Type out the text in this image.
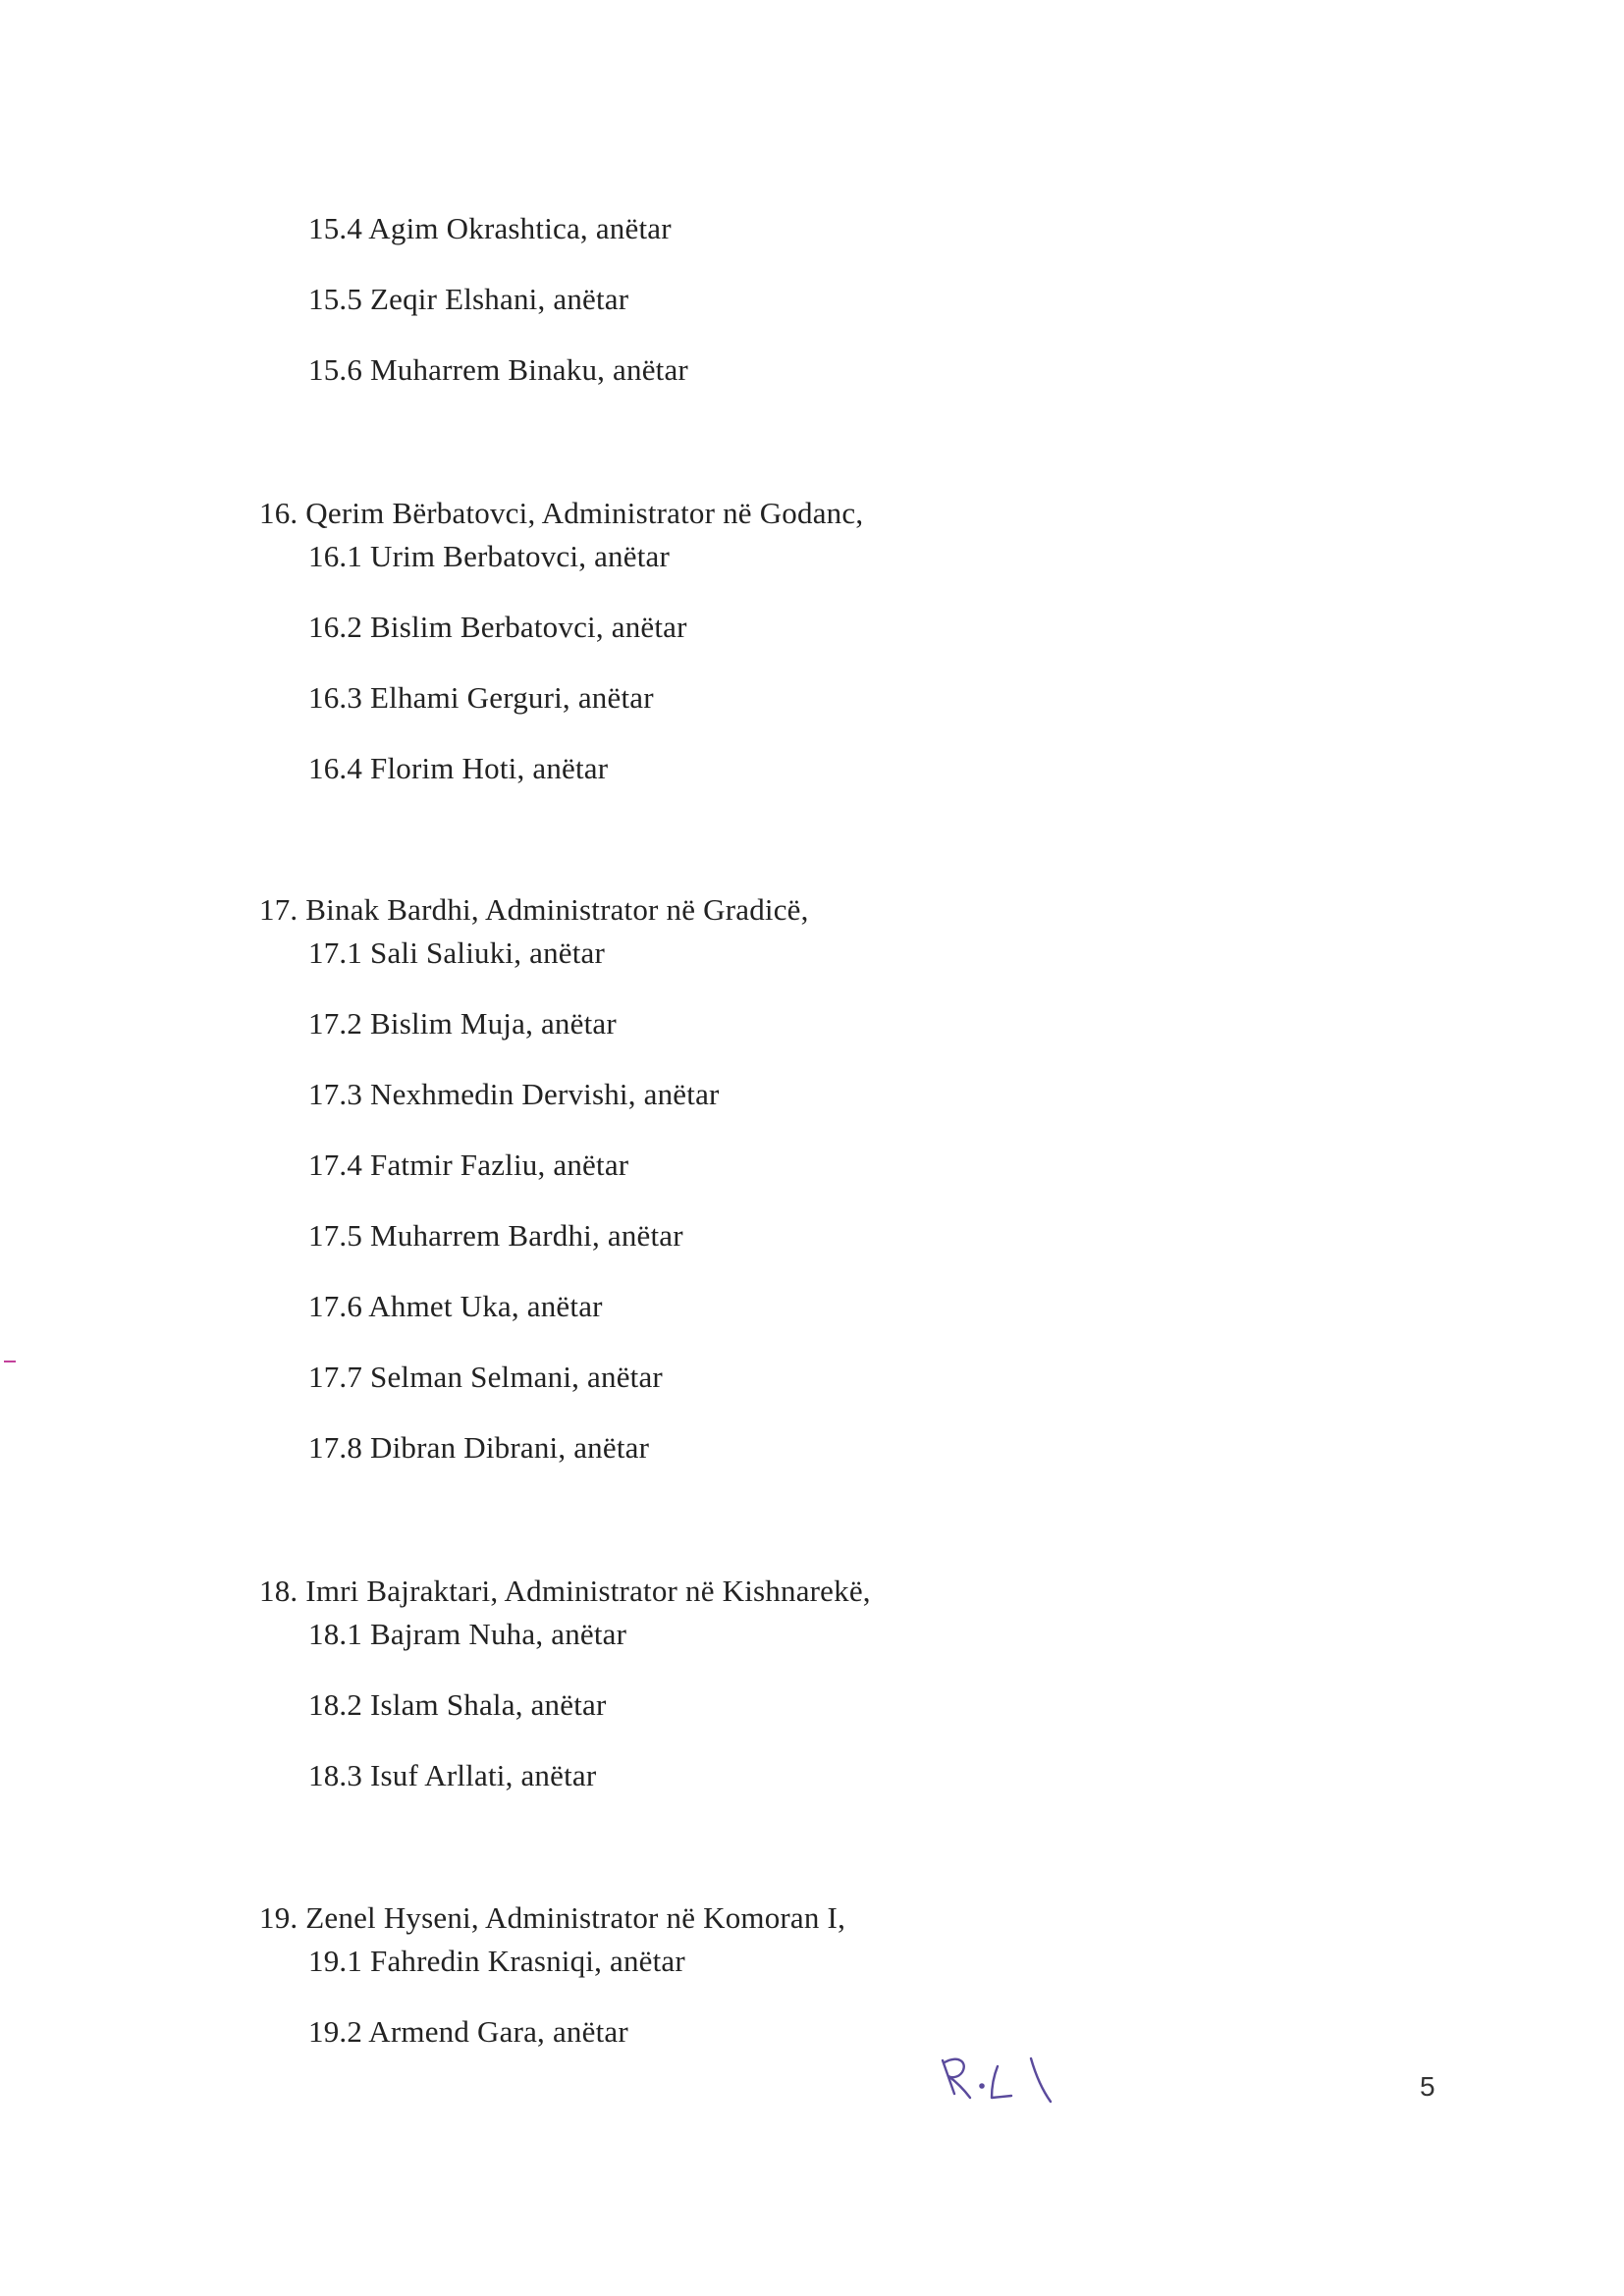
15.4 Agim Okrashtica, anëtar
15.5 Zeqir Elshani, anëtar
15.6 Muharrem Binaku, anëtar
16. Qerim Bërbatovci, Administrator në Godanc,
16.1 Urim Berbatovci, anëtar
16.2 Bislim Berbatovci, anëtar
16.3 Elhami Gerguri, anëtar
16.4 Florim Hoti, anëtar
17. Binak Bardhi, Administrator në Gradicë,
17.1 Sali Saliuki, anëtar
17.2 Bislim Muja, anëtar
17.3 Nexhmedin Dervishi, anëtar
17.4 Fatmir Fazliu, anëtar
17.5 Muharrem Bardhi, anëtar
17.6 Ahmet Uka, anëtar
17.7 Selman Selmani, anëtar
17.8 Dibran Dibrani, anëtar
18. Imri Bajraktari, Administrator në Kishnarekë,
18.1 Bajram Nuha, anëtar
18.2 Islam Shala, anëtar
18.3 Isuf Arllati, anëtar
19. Zenel Hyseni, Administrator në Komoran I,
19.1 Fahredin Krasniqi, anëtar
19.2 Armend Gara, anëtar
5
